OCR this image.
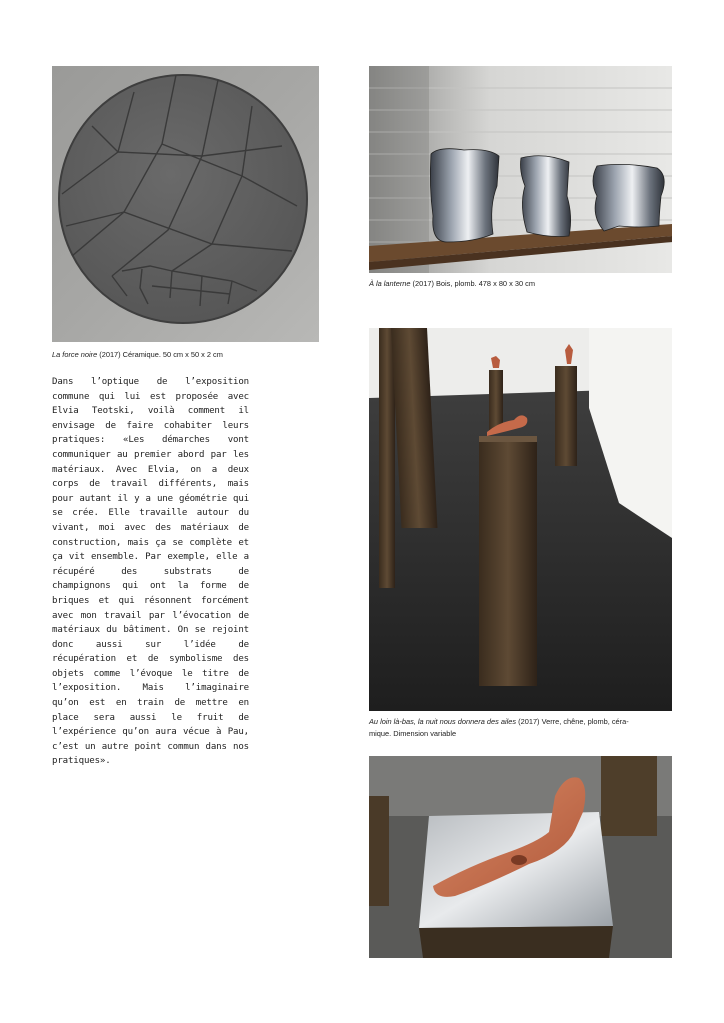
La force noire (2017) Céramique. 50 cm x 50 x 2 cm
À la lanterne (2017) Bois, plomb. 478 x 80 x 30 cm
Au loin là-bas, la nuit nous donnera des ailes (2017) Verre, chêne, plomb, céra-
mique. Dimension variable
Dans l’optique de l’exposition commune qui lui est proposée avec Elvia Teotski, voilà comment il envisage de faire cohabiter leurs pratiques: «Les démarches vont communiquer au premier abord par les matériaux. Avec Elvia, on a deux corps de travail différents, mais pour autant il y a une géométrie qui se crée. Elle travaille autour du vivant, moi avec des matériaux de construction, mais ça se complète et ça vit ensemble. Par exemple, elle a récupéré des substrats de champignons qui ont la forme de briques et qui résonnent forcément avec mon travail par l’évocation de matériaux du bâtiment. On se rejoint donc aussi sur l’idée de récupération et de symbolisme des objets comme l’évoque le titre de l’exposition. Mais l’imaginaire qu’on est en train de mettre en place sera aussi le fruit de l’expérience qu’on aura vécue à Pau, c’est un autre point commun dans nos pratiques».
